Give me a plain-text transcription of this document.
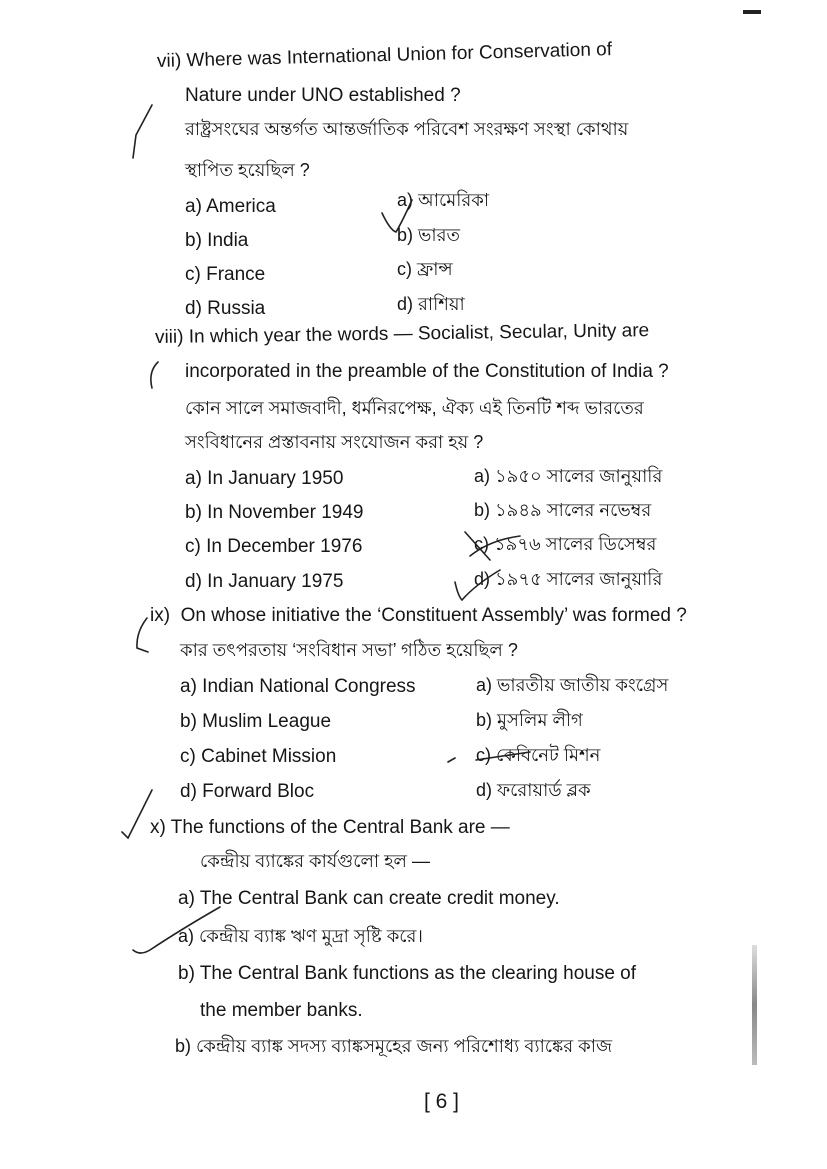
vii) Where was International Union for Conservation of
Nature under UNO established ?
রাষ্ট্রসংঘের অন্তর্গত আন্তর্জাতিক পরিবেশ সংরক্ষণ সংস্থা কোথায়
স্থাপিত হয়েছিল ?
a) America
b) India
c) France
d) Russia
a) আমেরিকা
b) ভারত
c) ফ্রান্স
d) রাশিয়া
viii) In which year the words — Socialist, Secular, Unity are
incorporated in the preamble of the Constitution of India ?
কোন সালে সমাজবাদী, ধর্মনিরপেক্ষ, ঐক্য এই তিনটি শব্দ ভারতের
সংবিধানের প্রস্তাবনায় সংযোজন করা হয় ?
a) In January 1950
b) In November 1949
c) In December 1976
d) In January 1975
a) ১৯৫০ সালের জানুয়ারি
b) ১৯৪৯ সালের নভেম্বর
c) ১৯৭৬ সালের ডিসেম্বর
d) ১৯৭৫ সালের জানুয়ারি
ix) On whose initiative the ‘Constituent Assembly’ was formed ?
কার তৎপরতায় ‘সংবিধান সভা’ গঠিত হয়েছিল ?
a) Indian National Congress
b) Muslim League
c) Cabinet Mission
d) Forward Bloc
a) ভারতীয় জাতীয় কংগ্রেস
b) মুসলিম লীগ
c) কেবিনেট মিশন
d) ফরোয়ার্ড ব্লক
x) The functions of the Central Bank are —
কেন্দ্রীয় ব্যাঙ্কের কার্যগুলো হল —
a) The Central Bank can create credit money.
a) কেন্দ্রীয় ব্যাঙ্ক ঋণ মুদ্রা সৃষ্টি করে।
b) The Central Bank functions as the clearing house of
the member banks.
b) কেন্দ্রীয় ব্যাঙ্ক সদস্য ব্যাঙ্কসমূহের জন্য পরিশোধ্য ব্যাঙ্কের কাজ
[ 6 ]
